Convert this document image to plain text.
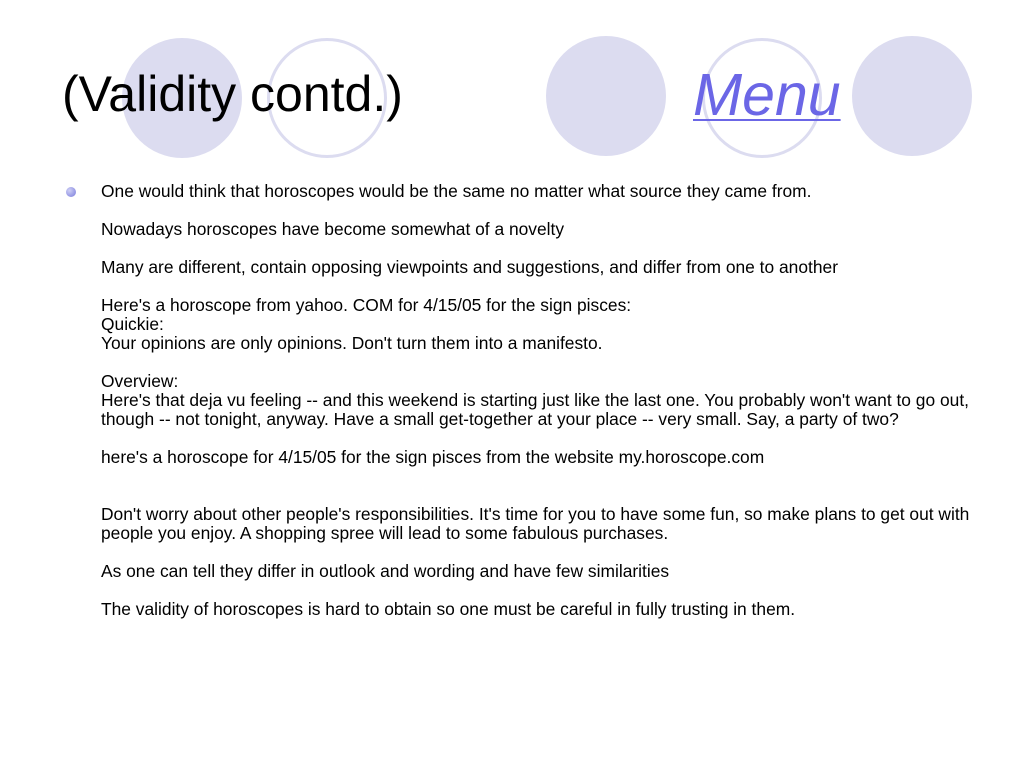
(Validity contd.)	Menu

One would think that horoscopes would be the same no matter what source they came from.

Nowadays horoscopes have become somewhat of a novelty

Many are different, contain opposing viewpoints and suggestions, and differ from one to another

Here's a horoscope from yahoo. COM for 4/15/05 for the sign pisces:
Quickie:
Your opinions are only opinions. Don't turn them into a manifesto.

Overview:
Here's that deja vu feeling -- and this weekend is starting just like the last one. You probably won't want to go out, though -- not tonight, anyway. Have a small get-together at your place -- very small. Say, a party of two?

here's a horoscope for 4/15/05 for the sign pisces from the website my.horoscope.com

Don't worry about other people's responsibilities. It's time for you to have some fun, so make plans to get out with people you enjoy. A shopping spree will lead to some fabulous purchases.

As one can tell they differ in outlook and wording and have few similarities

The validity of horoscopes is hard to obtain so one must be careful in fully trusting in them.
